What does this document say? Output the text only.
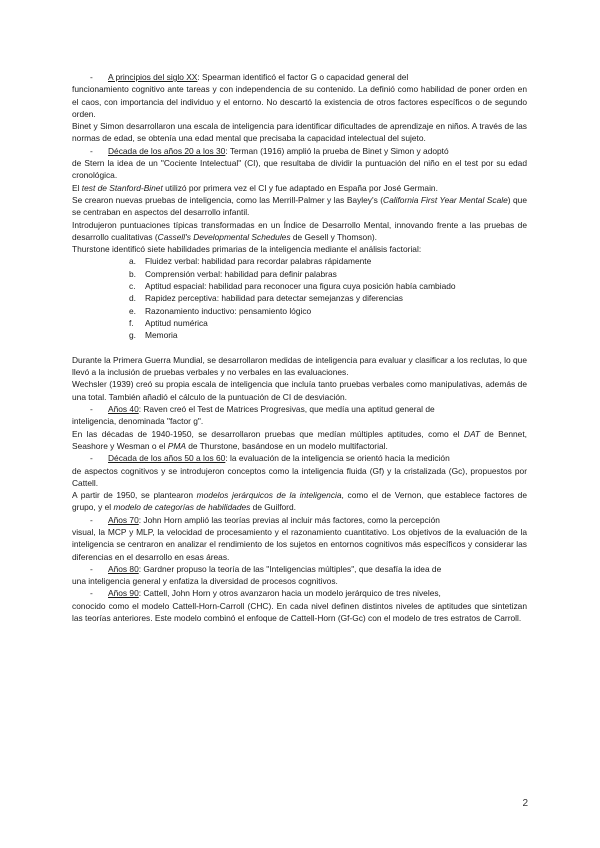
-	A principios del siglo XX: Spearman identificó el factor G o capacidad general del

funcionamiento cognitivo ante tareas y con independencia de su contenido. La definió como habilidad de poner orden en el caos, con importancia del individuo y el entorno. No descartó la existencia de otros factores específicos o de segundo orden.

Binet y Simon desarrollaron una escala de inteligencia para identificar dificultades de aprendizaje en niños. A través de las normas de edad, se obtenía una edad mental que precisaba la capacidad intelectual del sujeto.

-	Década de los años 20 a los 30: Terman (1916) amplió la prueba de Binet y Simon y adoptó

de Stern la idea de un "Cociente Intelectual" (CI), que resultaba de dividir la puntuación del niño en el test por su edad cronológica.

El test de Stanford-Binet utilizó por primera vez el CI y fue adaptado en España por José Germain.

Se crearon nuevas pruebas de inteligencia, como las Merrill-Palmer y las Bayley's (California First Year Mental Scale) que se centraban en aspectos del desarrollo infantil.

Introdujeron puntuaciones típicas transformadas en un Índice de Desarrollo Mental, innovando frente a las pruebas de desarrollo cualitativas (Cassell's Developmental Schedules de Gesell y Thomson).

Thurstone identificó siete habilidades primarias de la inteligencia mediante el análisis factorial:

a.	Fluidez verbal: habilidad para recordar palabras rápidamente
b.	Comprensión verbal: habilidad para definir palabras
c.	Aptitud espacial: habilidad para reconocer una figura cuya posición había cambiado
d.	Rapidez perceptiva: habilidad para detectar semejanzas y diferencias
e.	Razonamiento inductivo: pensamiento lógico
f.	Aptitud numérica
g.	Memoria

Durante la Primera Guerra Mundial, se desarrollaron medidas de inteligencia para evaluar y clasificar a los reclutas, lo que llevó a la inclusión de pruebas verbales y no verbales en las evaluaciones.

Wechsler (1939) creó su propia escala de inteligencia que incluía tanto pruebas verbales como manipulativas, además de una total. También añadió el cálculo de la puntuación de CI de desviación.

-	Años 40: Raven creó el Test de Matrices Progresivas, que medía una aptitud general de

inteligencia, denominada "factor g".

En las décadas de 1940-1950, se desarrollaron pruebas que medían múltiples aptitudes, como el DAT de Bennet, Seashore y Wesman o el PMA de Thurstone, basándose en un modelo multifactorial.

-	Década de los años 50 a los 60: la evaluación de la inteligencia se orientó hacia la medición

de aspectos cognitivos y se introdujeron conceptos como la inteligencia fluida (Gf) y la cristalizada (Gc), propuestos por Cattell.

A partir de 1950, se plantearon modelos jerárquicos de la inteligencia, como el de Vernon, que establece factores de grupo, y el modelo de categorías de habilidades de Guilford.

-	Años 70: John Horn amplió las teorías previas al incluir más factores, como la percepción

visual, la MCP y MLP, la velocidad de procesamiento y el razonamiento cuantitativo. Los objetivos de la evaluación de la inteligencia se centraron en analizar el rendimiento de los sujetos en entornos cognitivos más específicos y considerar las diferencias en el desarrollo en esas áreas.

-	Años 80: Gardner propuso la teoría de las "Inteligencias múltiples", que desafía la idea de

una inteligencia general y enfatiza la diversidad de procesos cognitivos.

-	Años 90: Cattell, John Horn y otros avanzaron hacia un modelo jerárquico de tres niveles,

conocido como el modelo Cattell-Horn-Carroll (CHC). En cada nivel definen distintos niveles de aptitudes que sintetizan las teorías anteriores. Este modelo combinó el enfoque de Cattell-Horn (Gf-Gc) con el modelo de tres estratos de Carroll.

2
